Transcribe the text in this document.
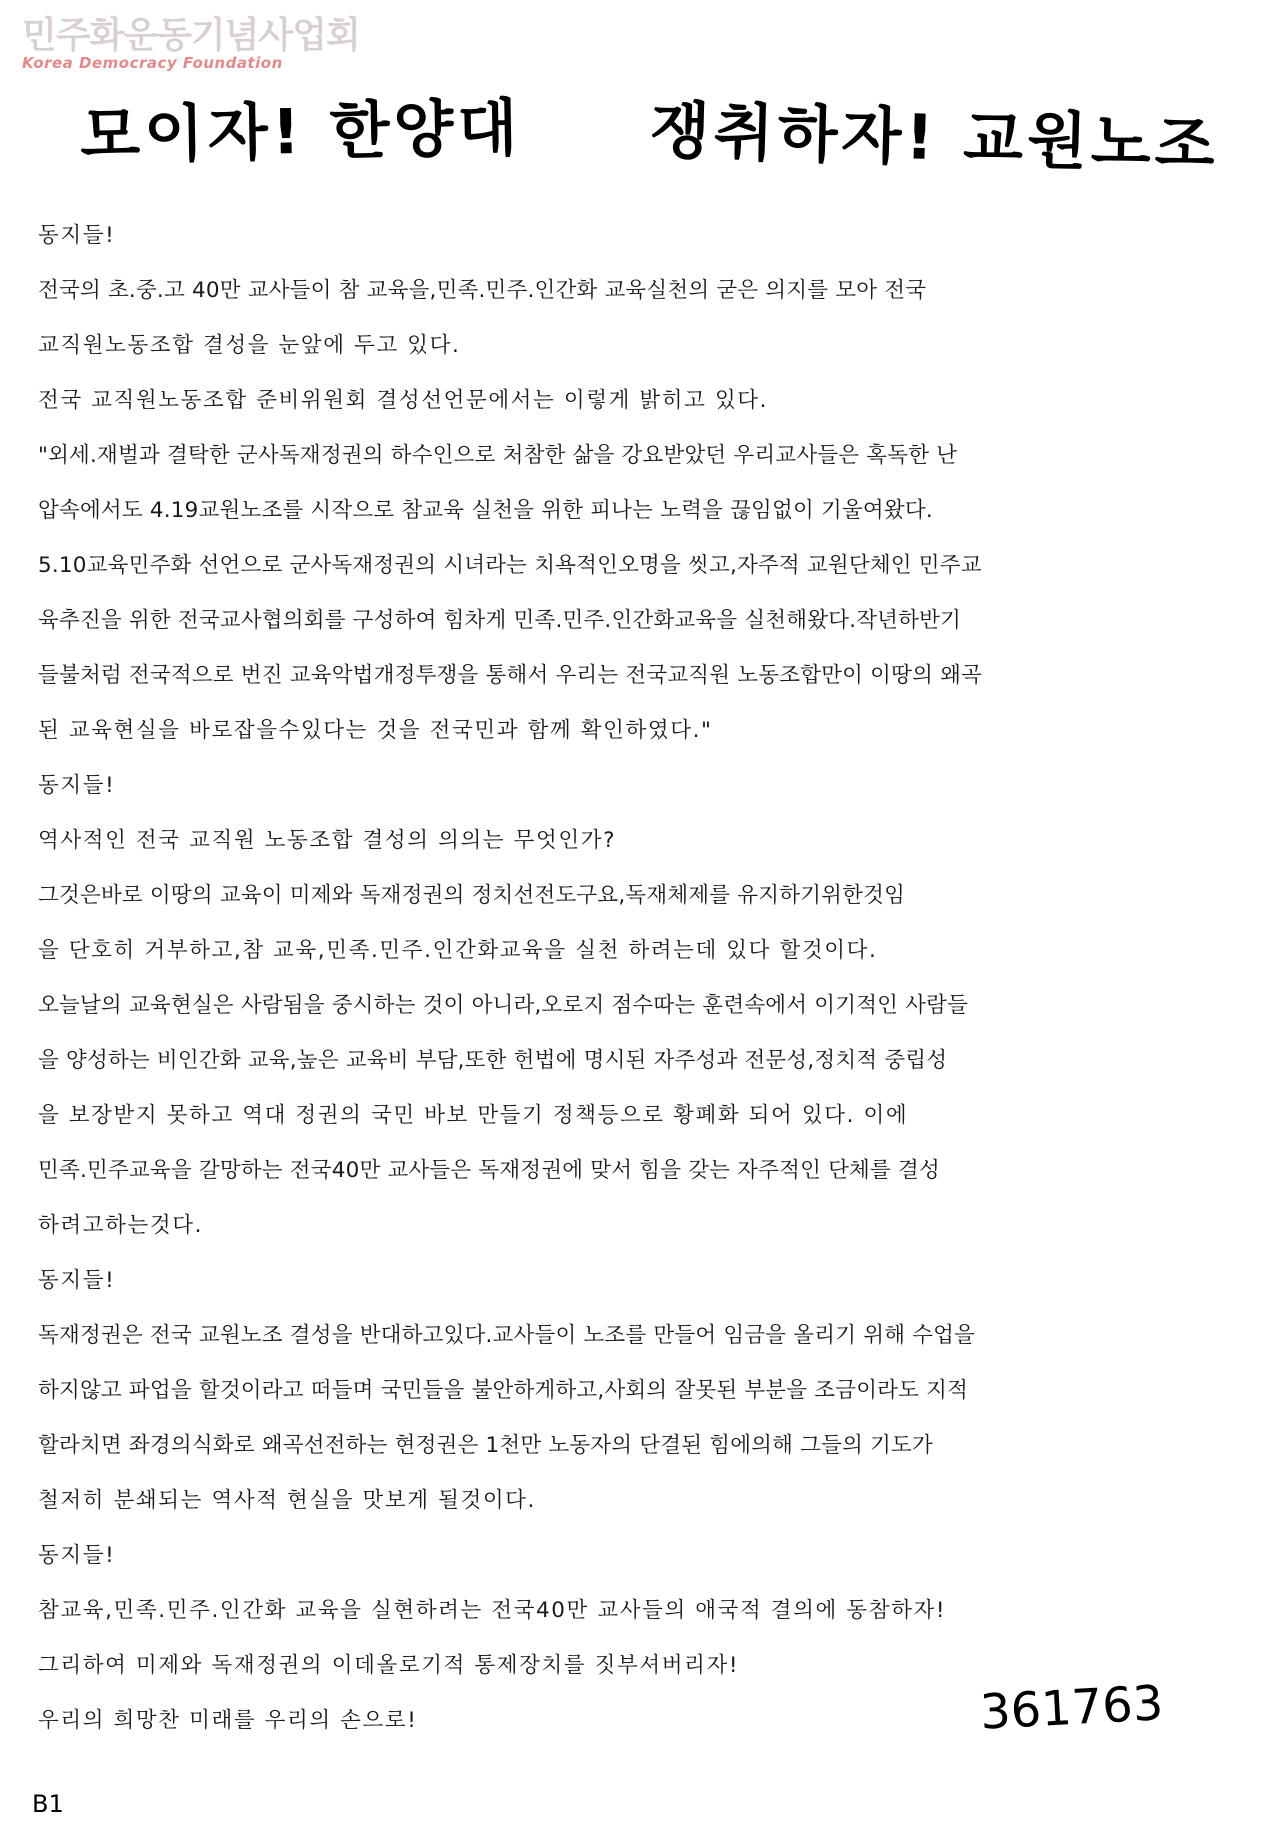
민주화운동기념사업회
Korea Democracy Foundation
모이자! 한양대 쟁취하자! 교원노조
동지들!
전국의 초.중.고 40만 교사들이 참 교육을,민족.민주.인간화 교육실천의 굳은 의지를 모아 전국
교직원노동조합 결성을 눈앞에 두고 있다.
전국 교직원노동조합 준비위원회 결성선언문에서는 이렇게 밝히고 있다.
"외세.재벌과 결탁한 군사독재정권의 하수인으로 처참한 삶을 강요받았던 우리교사들은 혹독한 난
압속에서도 4.19교원노조를 시작으로 참교육 실천을 위한 피나는 노력을 끊임없이 기울여왔다.
5.10교육민주화 선언으로 군사독재정권의 시녀라는 치욕적인오명을 씻고,자주적 교원단체인 민주교
육추진을 위한 전국교사협의회를 구성하여 힘차게 민족.민주.인간화교육을 실천해왔다.작년하반기
들불처럼 전국적으로 번진 교육악법개정투쟁을 통해서 우리는 전국교직원 노동조합만이 이땅의 왜곡
된 교육현실을 바로잡을수있다는 것을 전국민과 함께 확인하였다."
동지들!
역사적인 전국 교직원 노동조합 결성의 의의는 무엇인가?
그것은바로 이땅의 교육이 미제와 독재정권의 정치선전도구요,독재체제를 유지하기위한것임
을 단호히 거부하고,참 교육,민족.민주.인간화교육을 실천 하려는데 있다 할것이다.
오늘날의 교육현실은 사람됨을 중시하는 것이 아니라,오로지 점수따는 훈련속에서 이기적인 사람들
을 양성하는 비인간화 교육,높은 교육비 부담,또한 헌법에 명시된 자주성과 전문성,정치적 중립성
을 보장받지 못하고 역대 정권의 국민 바보 만들기 정책등으로 황폐화 되어 있다. 이에
민족.민주교육을 갈망하는 전국40만 교사들은 독재정권에 맞서 힘을 갖는 자주적인 단체를 결성
하려고하는것다.
동지들!
독재정권은 전국 교원노조 결성을 반대하고있다.교사들이 노조를 만들어 임금을 올리기 위해 수업을
하지않고 파업을 할것이라고 떠들며 국민들을 불안하게하고,사회의 잘못된 부분을 조금이라도 지적
할라치면 좌경의식화로 왜곡선전하는 현정권은 1천만 노동자의 단결된 힘에의해 그들의 기도가
철저히 분쇄되는 역사적 현실을 맛보게 될것이다.
동지들!
참교육,민족.민주.인간화 교육을 실현하려는 전국40만 교사들의 애국적 결의에 동참하자!
그리하여 미제와 독재정권의 이데올로기적 통제장치를 짓부셔버리자!
우리의 희망찬 미래를 우리의 손으로!	361763
B1
